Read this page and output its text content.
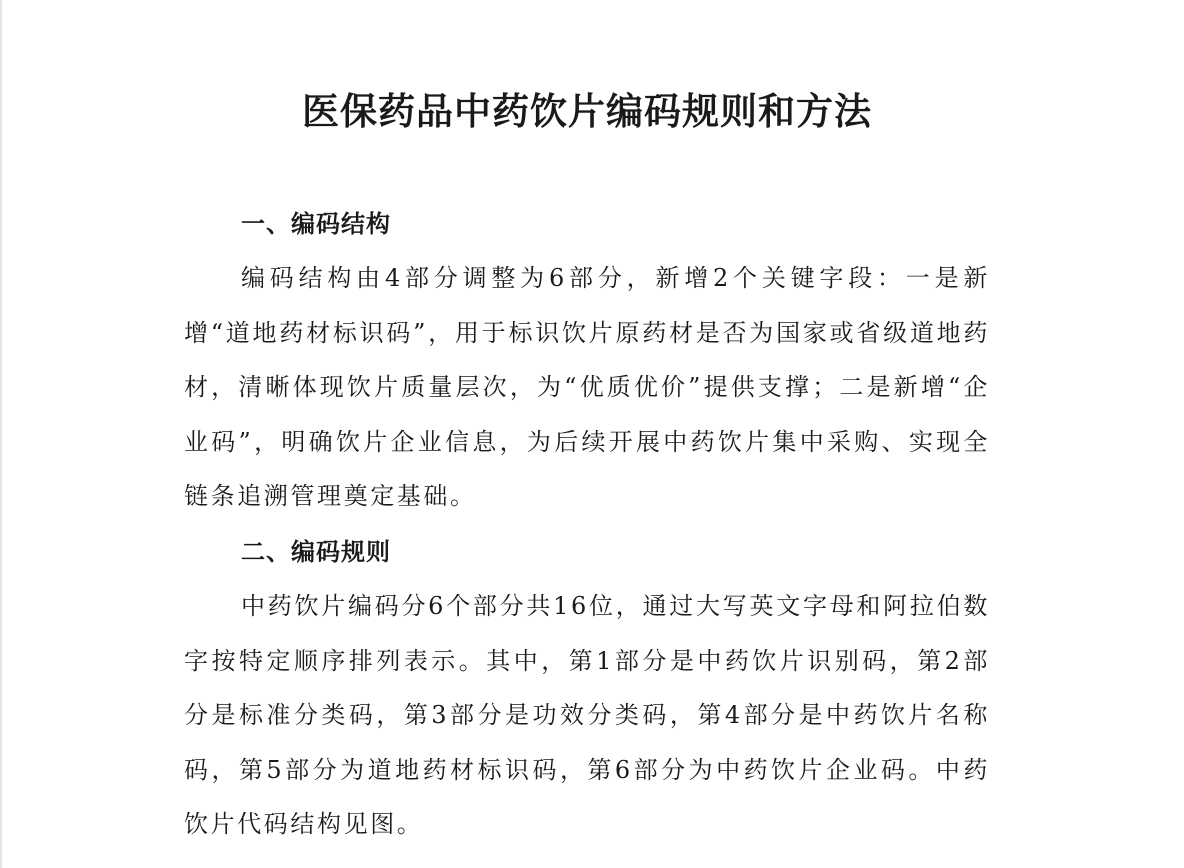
医保药品中药饮片编码规则和方法
一、编码结构

编码结构由4部分调整为6部分，新增2个关键字段：一是新增“道地药材标识码”，用于标识饮片原药材是否为国家或省级道地药材，清晰体现饮片质量层次，为“优质优价”提供支撑；二是新增“企业码”，明确饮片企业信息，为后续开展中药饮片集中采购、实现全链条追溯管理奠定基础。

二、编码规则

中药饮片编码分6个部分共16位，通过大写英文字母和阿拉伯数字按特定顺序排列表示。其中，第1部分是中药饮片识别码，第2部分是标准分类码，第3部分是功效分类码，第4部分是中药饮片名称码，第5部分为道地药材标识码，第6部分为中药饮片企业码。中药饮片代码结构见图。
